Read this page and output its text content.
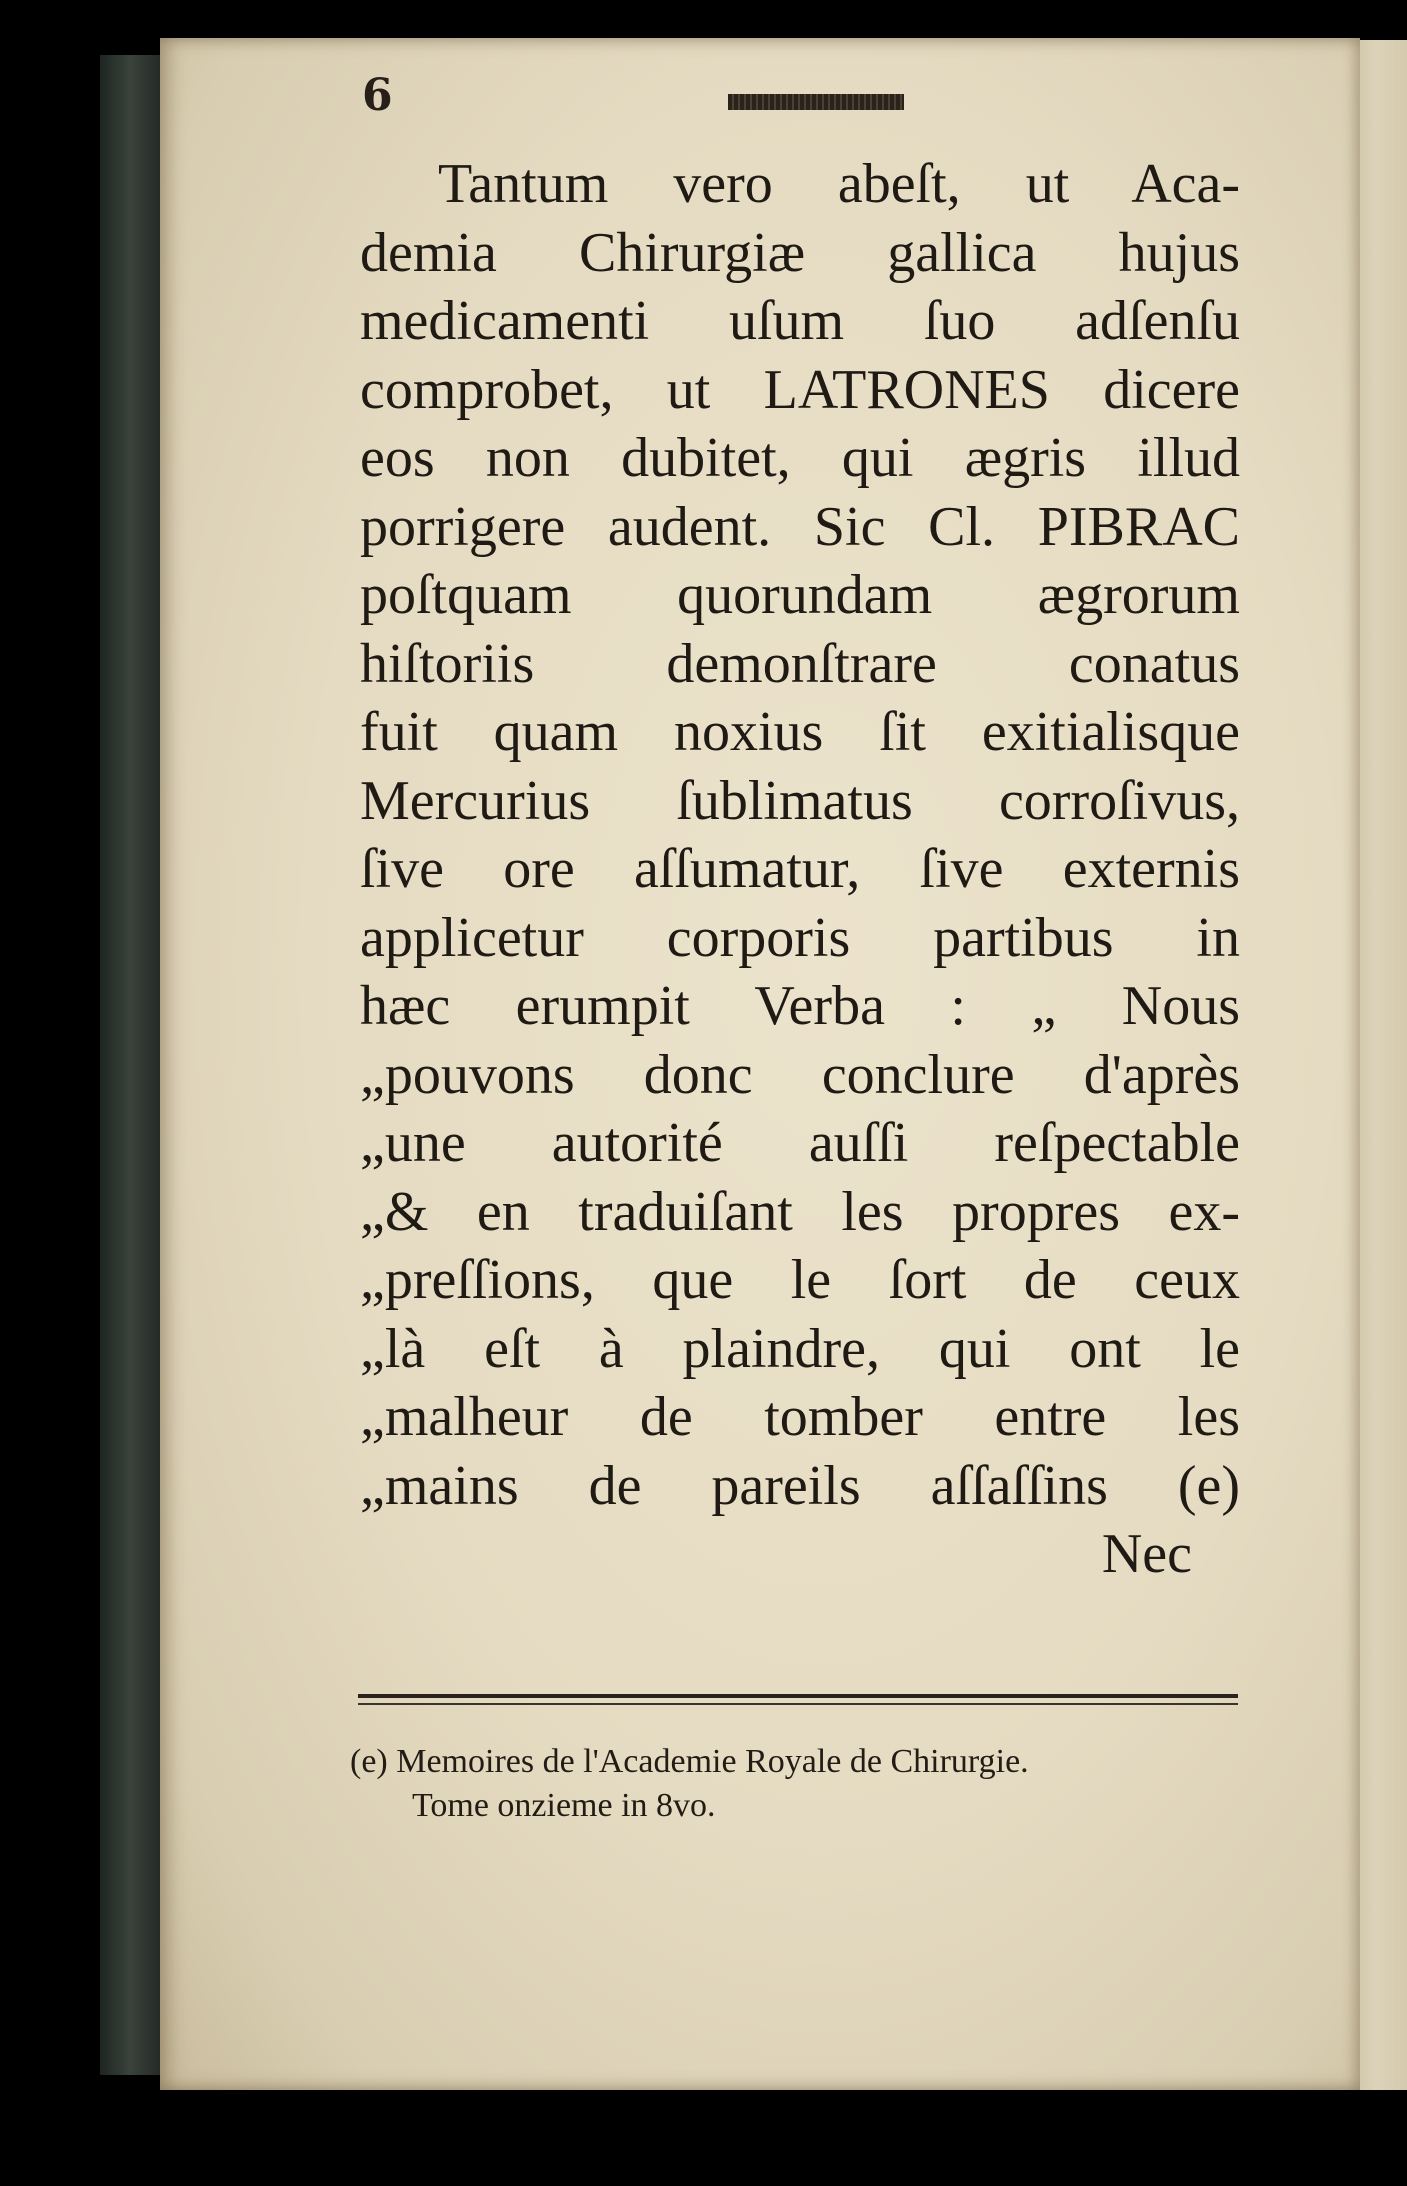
6
Tantum vero abeſt, ut Aca-
demia Chirurgiæ gallica hujus
medicamenti uſum ſuo adſenſu
comprobet, ut LATRONES dicere
eos non dubitet, qui ægris illud
porrigere audent. Sic Cl. PIBRAC
poſtquam quorundam ægrorum
hiſtoriis demonſtrare conatus
fuit quam noxius ſit exitialisque
Mercurius ſublimatus corroſivus,
ſive ore aſſumatur, ſive externis
applicetur corporis partibus in
hæc erumpit Verba : „ Nous
„pouvons donc conclure d'après
„une autorité auſſi reſpectable
„& en traduiſant les propres ex-
„preſſions, que le ſort de ceux
„là eſt à plaindre, qui ont le
„malheur de tomber entre les
„mains de pareils aſſaſſins (e)
Nec
(e) Memoires de l'Academie Royale de Chirurgie.
Tome onzieme in 8vo.
